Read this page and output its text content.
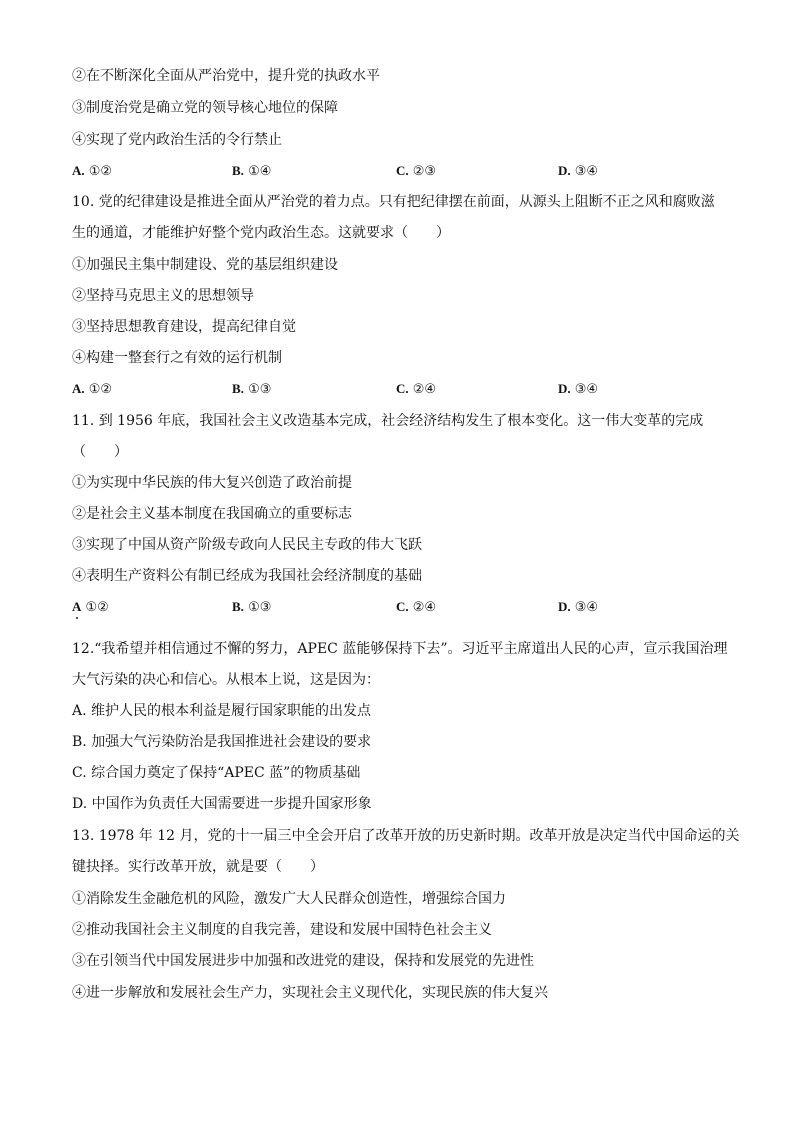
②在不断深化全面从严治党中，提升党的执政水平
③制度治党是确立党的领导核心地位的保障
④实现了党内政治生活的令行禁止
A. ①②	B. ①④	C. ②③	D. ③④
10. 党的纪律建设是推进全面从严治党的着力点。只有把纪律摆在前面，从源头上阻断不正之风和腐败滋
生的通道，才能维护好整个党内政治生态。这就要求（　　）
①加强民主集中制建设、党的基层组织建设
②坚持马克思主义的思想领导
③坚持思想教育建设，提高纪律自觉
④构建一整套行之有效的运行机制
A. ①②	B. ①③	C. ②④	D. ③④
11. 到 1956 年底，我国社会主义改造基本完成，社会经济结构发生了根本变化。这一伟大变革的完成
（　　）
①为实现中华民族的伟大复兴创造了政治前提
②是社会主义基本制度在我国确立的重要标志
③实现了中国从资产阶级专政向人民民主专政的伟大飞跃
④表明生产资料公有制已经成为我国社会经济制度的基础
A ①②	B. ①③	C. ②④	D. ③④
12.“我希望并相信通过不懈的努力，APEC 蓝能够保持下去”。习近平主席道出人民的心声，宣示我国治理
大气污染的决心和信心。从根本上说，这是因为：
A. 维护人民的根本利益是履行国家职能的出发点
B. 加强大气污染防治是我国推进社会建设的要求
C. 综合国力奠定了保持“APEC 蓝”的物质基础
D. 中国作为负责任大国需要进一步提升国家形象
13. 1978 年 12 月，党的十一届三中全会开启了改革开放的历史新时期。改革开放是决定当代中国命运的关
键抉择。实行改革开放，就是要（　　）
①消除发生金融危机的风险，激发广大人民群众创造性，增强综合国力
②推动我国社会主义制度的自我完善，建设和发展中国特色社会主义
③在引领当代中国发展进步中加强和改进党的建设，保持和发展党的先进性
④进一步解放和发展社会生产力，实现社会主义现代化，实现民族的伟大复兴
